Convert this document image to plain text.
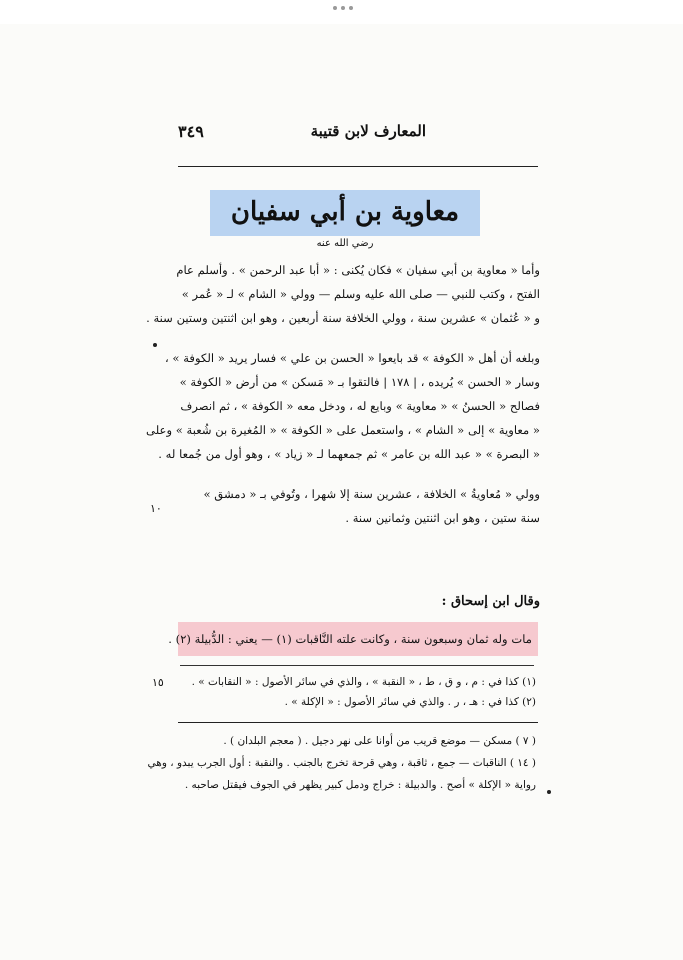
المعارف لابن قتيبة
٣٤٩
معاوية بن أبي سفيان
رضي الله عنه

وأما « معاوية بن أبي سفيان » فكان يُكنى : « أبا عبد الرحمن » . وأسلم عام

الفتح ، وكتب للنبي — صلى الله عليه وسلم — وولي « الشام » لـ « عُمر »

و « عُثمان » عشرين سنة ، وولي الخلافة سنة أربعين ، وهو ابن اثنتين وستين سنة .

وبلغه أن أهل « الكوفة » قد بايعوا « الحسن بن علي » فسار يريد « الكوفة » ،

وسار « الحسن » يُريده ، | ١٧٨ | فالتقوا بـ « مَسكن » من أرض « الكوفة »

فصالح « الحسنُ » « معاوية » وبايع له ، ودخل معه « الكوفة » ، ثم انصرف

« معاوية » إلى « الشام » ، واستعمل على « الكوفة » « المُغيرة بن شُعبة » وعلى

« البصرة » « عبد الله بن عامر » ثم جمعهما لـ « زياد » ، وهو أول من جُمعا له .

وولي « مُعاويةُ » الخلافة ، عشرين سنة إلا شهرا ، وتُوفي بـ « دمشق »

سنة ستين ، وهو ابن اثنتين وثمانين سنة .

وقال ابن إسحاق :
مات وله ثمان وسبعون سنة ، وكانت علته النَّاقبات (١) — يعني : الدُّبيلة (٢) .
(١) كذا في : م ، و ق ، ط ، « النقبة » ، والذي في سائر الأصول : « النقابات » .
(٢) كذا في : هـ ، ر . والذي في سائر الأصول : « الإكلة » .
( ٧ ) مسكن — موضع قريب من أوانا على نهر دجيل . ( معجم البلدان ) .
( ١٤ ) الناقبات — جمع ، ثاقبة ، وهي قرحة تخرج بالجنب . والنقبة : أول الجرب يبدو ، وهي
رواية « الإكلة » أصح . والدبيلة : خراج ودمل كبير يظهر في الجوف فيقتل صاحبه .
١٠
١٥
